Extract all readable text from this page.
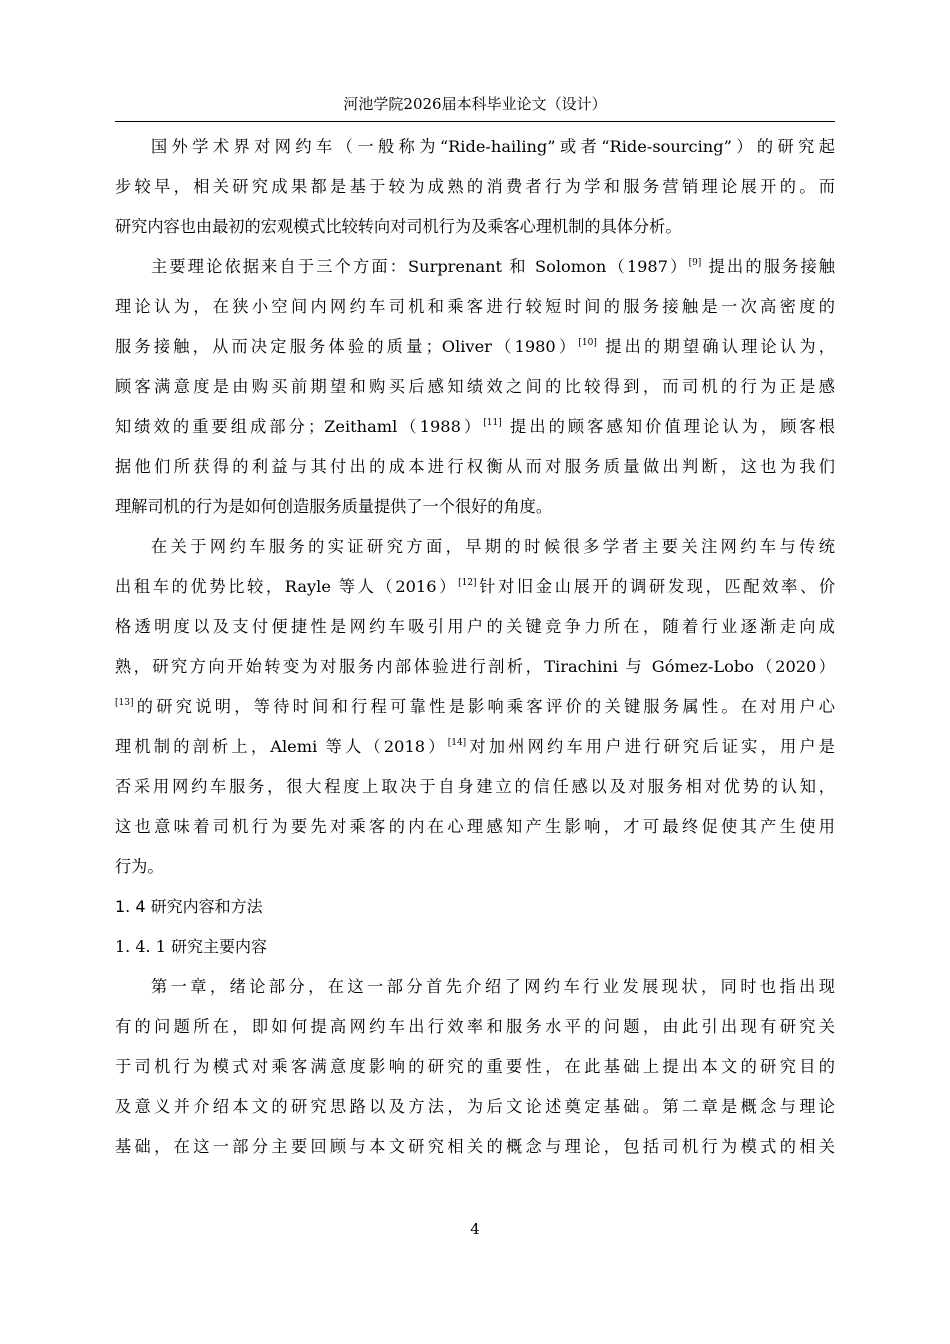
河池学院2026届本科毕业论文（设计）

国外学术界对网约车（一般称为“Ride-hailing”或者“Ride-sourcing”）的研究起
步较早，相关研究成果都是基于较为成熟的消费者行为学和服务营销理论展开的。而
研究内容也由最初的宏观模式比较转向对司机行为及乘客心理机制的具体分析。

主要理论依据来自于三个方面：Surprenant 和 Solomon（1987）[9] 提出的服务接触
理论认为，在狭小空间内网约车司机和乘客进行较短时间的服务接触是一次高密度的
服务接触，从而决定服务体验的质量；Oliver（1980）[10] 提出的期望确认理论认为，
顾客满意度是由购买前期望和购买后感知绩效之间的比较得到，而司机的行为正是感
知绩效的重要组成部分；Zeithaml（1988）[11] 提出的顾客感知价值理论认为，顾客根
据他们所获得的利益与其付出的成本进行权衡从而对服务质量做出判断，这也为我们
理解司机的行为是如何创造服务质量提供了一个很好的角度。

在关于网约车服务的实证研究方面，早期的时候很多学者主要关注网约车与传统
出租车的优势比较，Rayle 等人（2016）[12]针对旧金山展开的调研发现，匹配效率、价
格透明度以及支付便捷性是网约车吸引用户的关键竞争力所在，随着行业逐渐走向成
熟，研究方向开始转变为对服务内部体验进行剖析，Tirachini 与 Gómez-Lobo（2020）
[13]的研究说明，等待时间和行程可靠性是影响乘客评价的关键服务属性。在对用户心
理机制的剖析上，Alemi 等人（2018）[14]对加州网约车用户进行研究后证实，用户是
否采用网约车服务，很大程度上取决于自身建立的信任感以及对服务相对优势的认知，
这也意味着司机行为要先对乘客的内在心理感知产生影响，才可最终促使其产生使用
行为。

1. 4 研究内容和方法

1. 4. 1 研究主要内容

第一章，绪论部分，在这一部分首先介绍了网约车行业发展现状，同时也指出现
有的问题所在，即如何提高网约车出行效率和服务水平的问题，由此引出现有研究关
于司机行为模式对乘客满意度影响的研究的重要性，在此基础上提出本文的研究目的
及意义并介绍本文的研究思路以及方法，为后文论述奠定基础。第二章是概念与理论
基础，在这一部分主要回顾与本文研究相关的概念与理论，包括司机行为模式的相关

4
